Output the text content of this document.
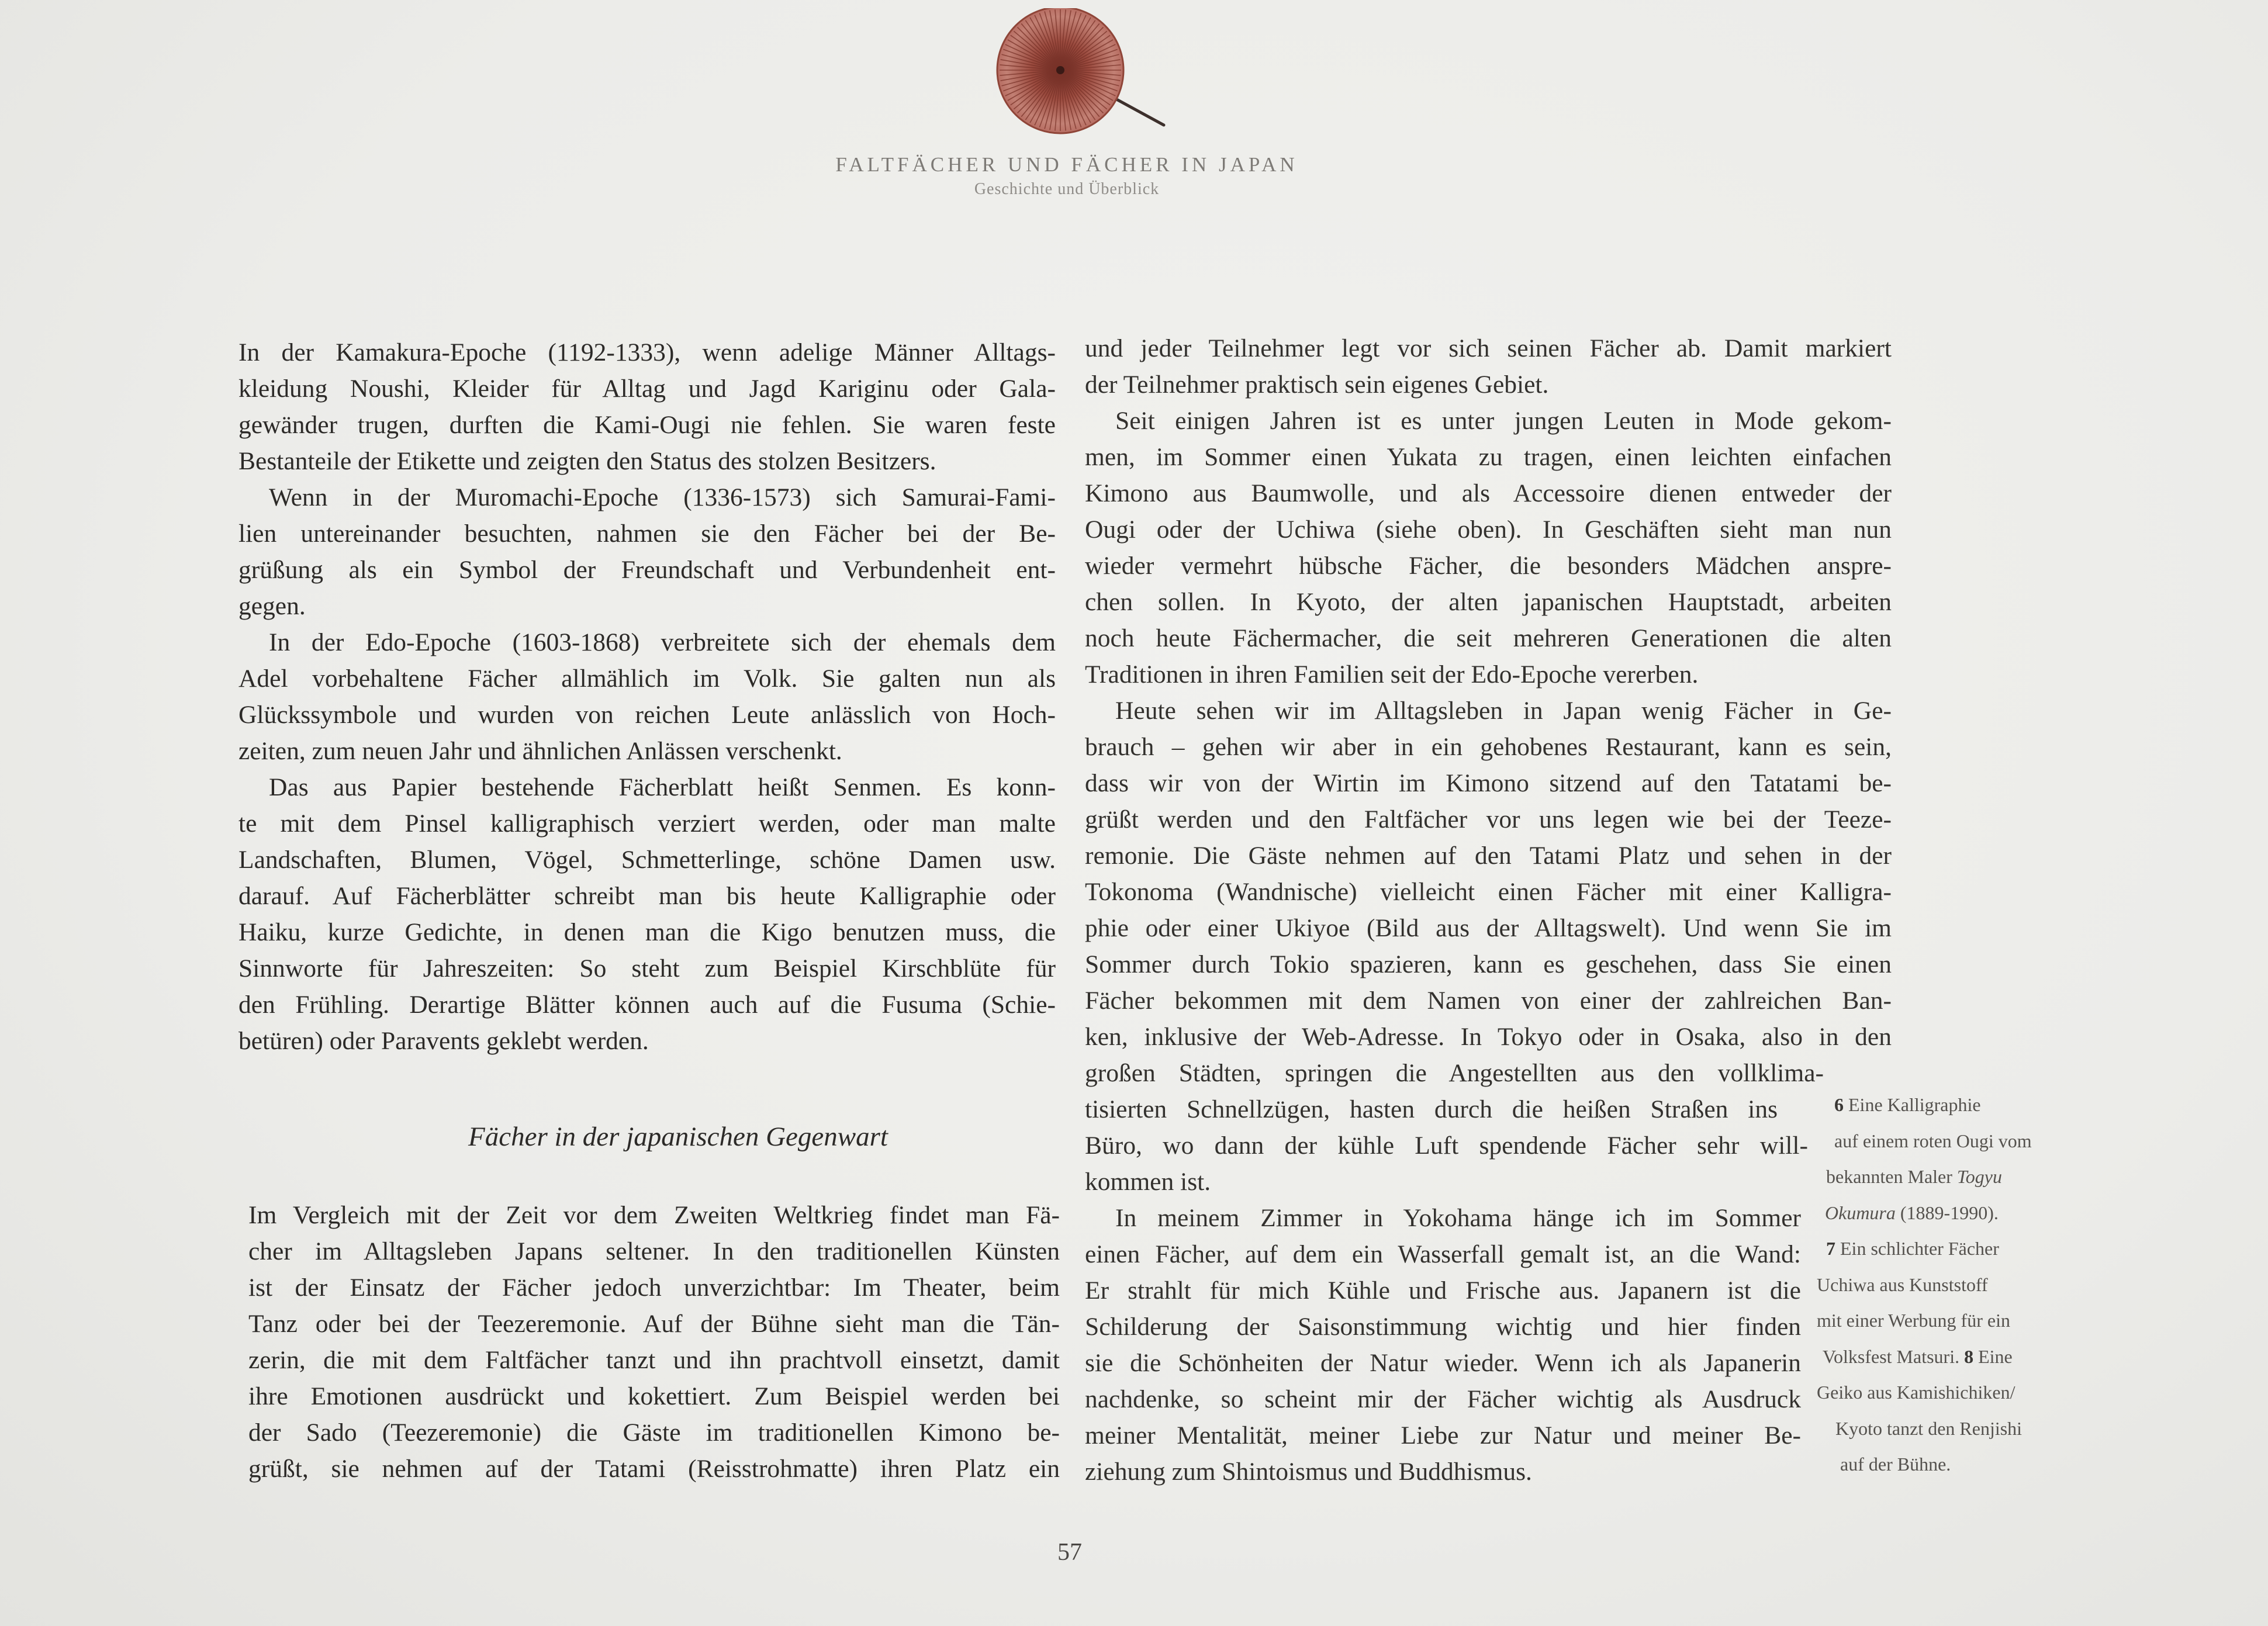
FALTFÄCHER UND FÄCHER IN JAPAN
Geschichte und Überblick

In der Kamakura-Epoche (1192-1333), wenn adelige Männer Alltags-
kleidung Noushi, Kleider für Alltag und Jagd Kariginu oder Gala-
gewänder trugen, durften die Kami-Ougi nie fehlen. Sie waren feste
Bestanteile der Etikette und zeigten den Status des stolzen Besitzers.

Wenn in der Muromachi-Epoche (1336-1573) sich Samurai-Fami-
lien untereinander besuchten, nahmen sie den Fächer bei der Be-
grüßung als ein Symbol der Freundschaft und Verbundenheit ent-
gegen.

In der Edo-Epoche (1603-1868) verbreitete sich der ehemals dem
Adel vorbehaltene Fächer allmählich im Volk. Sie galten nun als
Glückssymbole und wurden von reichen Leute anlässlich von Hoch-
zeiten, zum neuen Jahr und ähnlichen Anlässen verschenkt.

Das aus Papier bestehende Fächerblatt heißt Senmen. Es konn-
te mit dem Pinsel kalligraphisch verziert werden, oder man malte
Landschaften, Blumen, Vögel, Schmetterlinge, schöne Damen usw.
darauf. Auf Fächerblätter schreibt man bis heute Kalligraphie oder
Haiku, kurze Gedichte, in denen man die Kigo benutzen muss, die
Sinnworte für Jahreszeiten: So steht zum Beispiel Kirschblüte für
den Frühling. Derartige Blätter können auch auf die Fusuma (Schie-
betüren) oder Paravents geklebt werden.

Fächer in der japanischen Gegenwart

Im Vergleich mit der Zeit vor dem Zweiten Weltkrieg findet man Fä-
cher im Alltagsleben Japans seltener. In den traditionellen Künsten
ist der Einsatz der Fächer jedoch unverzichtbar: Im Theater, beim
Tanz oder bei der Teezeremonie. Auf der Bühne sieht man die Tän-
zerin, die mit dem Faltfächer tanzt und ihn prachtvoll einsetzt, damit
ihre Emotionen ausdrückt und kokettiert. Zum Beispiel werden bei
der Sado (Teezeremonie) die Gäste im traditionellen Kimono be-
grüßt, sie nehmen auf der Tatami (Reisstrohmatte) ihren Platz ein

und jeder Teilnehmer legt vor sich seinen Fächer ab. Damit markiert
der Teilnehmer praktisch sein eigenes Gebiet.

Seit einigen Jahren ist es unter jungen Leuten in Mode gekom-
men, im Sommer einen Yukata zu tragen, einen leichten einfachen
Kimono aus Baumwolle, und als Accessoire dienen entweder der
Ougi oder der Uchiwa (siehe oben). In Geschäften sieht man nun
wieder vermehrt hübsche Fächer, die besonders Mädchen anspre-
chen sollen. In Kyoto, der alten japanischen Hauptstadt, arbeiten
noch heute Fächermacher, die seit mehreren Generationen die alten
Traditionen in ihren Familien seit der Edo-Epoche vererben.

Heute sehen wir im Alltagsleben in Japan wenig Fächer in Ge-
brauch – gehen wir aber in ein gehobenes Restaurant, kann es sein,
dass wir von der Wirtin im Kimono sitzend auf den Tatatami be-
grüßt werden und den Faltfächer vor uns legen wie bei der Teeze-
remonie. Die Gäste nehmen auf den Tatami Platz und sehen in der
Tokonoma (Wandnische) vielleicht einen Fächer mit einer Kalligra-
phie oder einer Ukiyoe (Bild aus der Alltagswelt). Und wenn Sie im
Sommer durch Tokio spazieren, kann es geschehen, dass Sie einen
Fächer bekommen mit dem Namen von einer der zahlreichen Ban-
ken, inklusive der Web-Adresse. In Tokyo oder in Osaka, also in den
großen Städten, springen die Angestellten aus den vollklima-
tisierten Schnellzügen, hasten durch die heißen Straßen ins
Büro, wo dann der kühle Luft spendende Fächer sehr will-
kommen ist.

In meinem Zimmer in Yokohama hänge ich im Sommer
einen Fächer, auf dem ein Wasserfall gemalt ist, an die Wand:
Er strahlt für mich Kühle und Frische aus. Japanern ist die
Schilderung der Saisonstimmung wichtig und hier finden
sie die Schönheiten der Natur wieder. Wenn ich als Japanerin
nachdenke, so scheint mir der Fächer wichtig als Ausdruck
meiner Mentalität, meiner Liebe zur Natur und meiner Be-
ziehung zum Shintoismus und Buddhismus.

6 Eine Kalligraphie
auf einem roten Ougi vom
bekannten Maler Togyu
Okumura (1889-1990).
7 Ein schlichter Fächer
Uchiwa aus Kunststoff
mit einer Werbung für ein
Volksfest Matsuri. 8 Eine
Geiko aus Kamishichiken/
Kyoto tanzt den Renjishi
auf der Bühne.
57
